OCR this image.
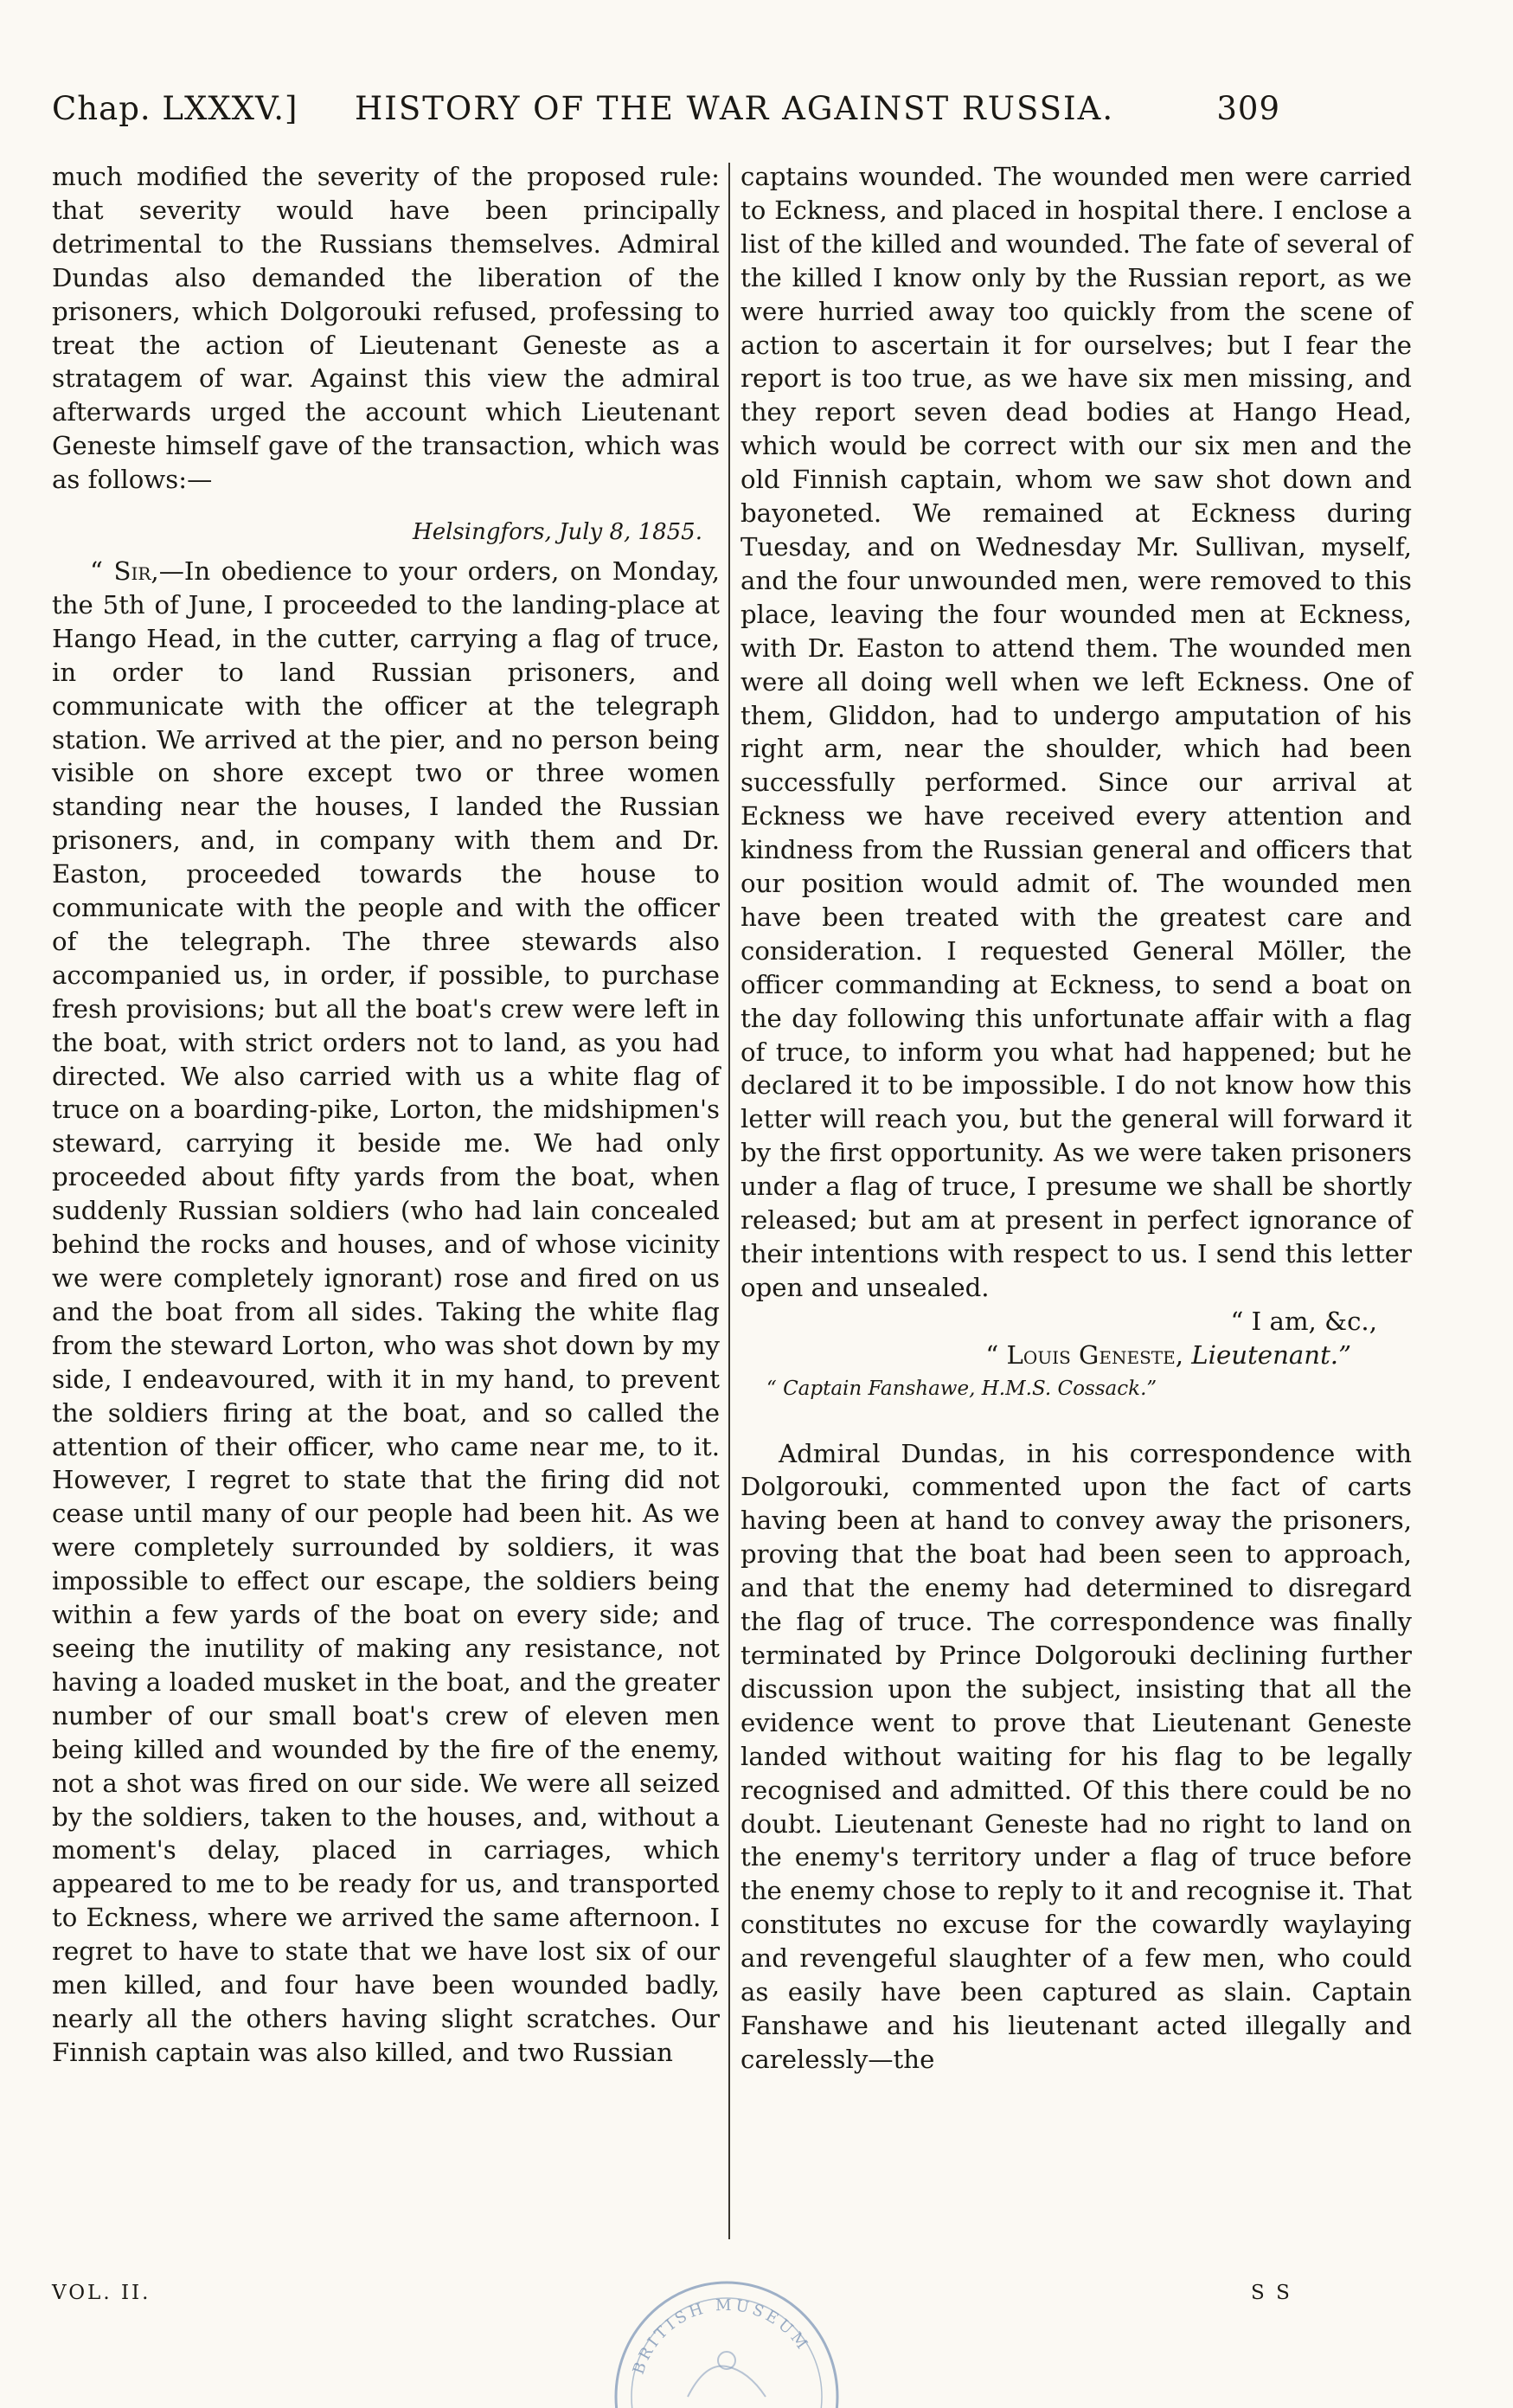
Chap. LXXXV.] HISTORY OF THE WAR AGAINST RUSSIA.	309

much modified the severity of the proposed rule: that severity would have been principally detrimental to the Russians themselves. Admiral Dundas also demanded the liberation of the prisoners, which Dolgorouki refused, professing to treat the action of Lieutenant Geneste as a stratagem of war. Against this view the admiral afterwards urged the account which Lieutenant Geneste himself gave of the transaction, which was as follows:—

Helsingfors, July 8, 1855.

“ Sir,—In obedience to your orders, on Monday, the 5th of June, I proceeded to the landing-place at Hango Head, in the cutter, carrying a flag of truce, in order to land Russian prisoners, and communicate with the officer at the telegraph station. We arrived at the pier, and no person being visible on shore except two or three women standing near the houses, I landed the Russian prisoners, and, in company with them and Dr. Easton, proceeded towards the house to communicate with the people and with the officer of the telegraph. The three stewards also accompanied us, in order, if possible, to purchase fresh provisions; but all the boat's crew were left in the boat, with strict orders not to land, as you had directed. We also carried with us a white flag of truce on a boarding-pike, Lorton, the midshipmen's steward, carrying it beside me. We had only proceeded about fifty yards from the boat, when suddenly Russian soldiers (who had lain concealed behind the rocks and houses, and of whose vicinity we were completely ignorant) rose and fired on us and the boat from all sides. Taking the white flag from the steward Lorton, who was shot down by my side, I endeavoured, with it in my hand, to prevent the soldiers firing at the boat, and so called the attention of their officer, who came near me, to it. However, I regret to state that the firing did not cease until many of our people had been hit. As we were completely surrounded by soldiers, it was impossible to effect our escape, the soldiers being within a few yards of the boat on every side; and seeing the inutility of making any resistance, not having a loaded musket in the boat, and the greater number of our small boat's crew of eleven men being killed and wounded by the fire of the enemy, not a shot was fired on our side. We were all seized by the soldiers, taken to the houses, and, without a moment's delay, placed in carriages, which appeared to me to be ready for us, and transported to Eckness, where we arrived the same afternoon. I regret to have to state that we have lost six of our men killed, and four have been wounded badly, nearly all the others having slight scratches. Our Finnish captain was also killed, and two Russian

captains wounded. The wounded men were carried to Eckness, and placed in hospital there. I enclose a list of the killed and wounded. The fate of several of the killed I know only by the Russian report, as we were hurried away too quickly from the scene of action to ascertain it for ourselves; but I fear the report is too true, as we have six men missing, and they report seven dead bodies at Hango Head, which would be correct with our six men and the old Finnish captain, whom we saw shot down and bayoneted. We remained at Eckness during Tuesday, and on Wednesday Mr. Sullivan, myself, and the four unwounded men, were removed to this place, leaving the four wounded men at Eckness, with Dr. Easton to attend them. The wounded men were all doing well when we left Eckness. One of them, Gliddon, had to undergo amputation of his right arm, near the shoulder, which had been successfully performed. Since our arrival at Eckness we have received every attention and kindness from the Russian general and officers that our position would admit of. The wounded men have been treated with the greatest care and consideration. I requested General Möller, the officer commanding at Eckness, to send a boat on the day following this unfortunate affair with a flag of truce, to inform you what had happened; but he declared it to be impossible. I do not know how this letter will reach you, but the general will forward it by the first opportunity. As we were taken prisoners under a flag of truce, I presume we shall be shortly released; but am at present in perfect ignorance of their intentions with respect to us. I send this letter open and unsealed.

“ I am, &c.,

“ Louis Geneste, Lieutenant.”

“ Captain Fanshawe, H.M.S. Cossack.”

Admiral Dundas, in his correspondence with Dolgorouki, commented upon the fact of carts having been at hand to convey away the prisoners, proving that the boat had been seen to approach, and that the enemy had determined to disregard the flag of truce. The correspondence was finally terminated by Prince Dolgorouki declining further discussion upon the subject, insisting that all the evidence went to prove that Lieutenant Geneste landed without waiting for his flag to be legally recognised and admitted. Of this there could be no doubt. Lieutenant Geneste had no right to land on the enemy's territory under a flag of truce before the enemy chose to reply to it and recognise it. That constitutes no excuse for the cowardly waylaying and revengeful slaughter of a few men, who could as easily have been captured as slain. Captain Fanshawe and his lieutenant acted illegally and carelessly—the

VOL. II.	S S
BRITISH MUSEUM
